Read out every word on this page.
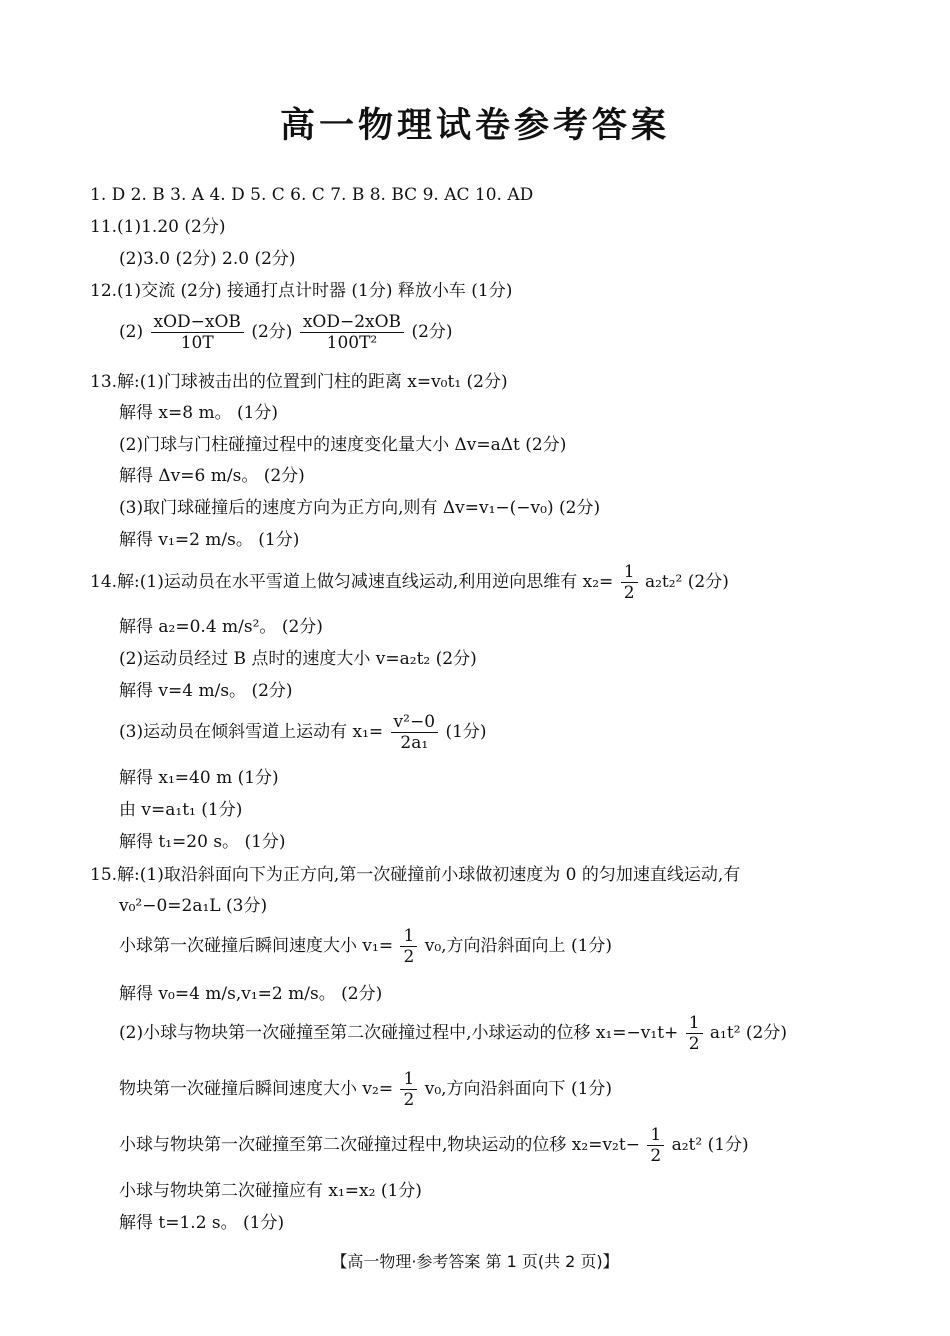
高一物理试卷参考答案
1. D 2. B 3. A 4. D 5. C 6. C 7. B 8. BC 9. AC 10. AD
11.(1)1.20 (2分)
(2)3.0 (2分) 2.0 (2分)
12.(1)交流 (2分) 接通打点计时器 (1分) 释放小车 (1分)
$(2) \frac{\text{xOD−xOB}}{10T} (2$分) $\frac{\text{xOD−2xOB}}{\text{100T²}} (2$分)
13.解:(1)门球被击出的位置到门柱的距离 x=v₀t₁ (2分)
解得 x=8 m。 (1分)
(2)门球与门柱碰撞过程中的速度变化量大小 Δv=aΔt (2分)
解得 Δv=6 m/s。 (2分)
(3)取门球碰撞后的速度方向为正方向,则有 Δv=v₁−(−v₀) (2分)
解得 v₁=2 m/s。 (1分)
14.解:(1)运动员在水平雪道上做匀减速直线运动,利用逆向思维有 $x_2= \frac{1}{2} a_2t_2^2$ (2分)
解得 a₂=0.4 m/s²。 (2分)
(2)运动员经过 B 点时的速度大小 v=a₂t₂ (2分)
解得 v=4 m/s。 (2分)
(3)运动员在倾斜雪道上运动有 $x_1= \frac{\text{v²−0}}{\text{2a₁}} (1$分)
解得 x₁=40 m (1分)
由 v=a₁t₁ (1分)
解得 t₁=20 s。 (1分)
15.解:(1)取沿斜面向下为正方向,第一次碰撞前小球做初速度为 0 的匀加速直线运动,有
v₀²−0=2a₁L (3分)
小球第一次碰撞后瞬间速度大小 $v_1= \frac{1}{2} v_0$,方向沿斜面向上 (1分)
解得 v₀=4 m/s,v₁=2 m/s。 (2分)
(2)小球与物块第一次碰撞至第二次碰撞过程中,小球运动的位移 $x_1=-v_1t+ \frac{1}{2} a_1t^2$ (2分)
物块第一次碰撞后瞬间速度大小 $v_2= \frac{1}{2} v_0$,方向沿斜面向下 (1分)
小球与物块第一次碰撞至第二次碰撞过程中,物块运动的位移 $x_2=v_2t- \frac{1}{2} a_2t^2$ (1分)
小球与物块第二次碰撞应有 x₁=x₂ (1分)
解得 t=1.2 s。 (1分)
【高一物理·参考答案 第 1 页(共 2 页)】
